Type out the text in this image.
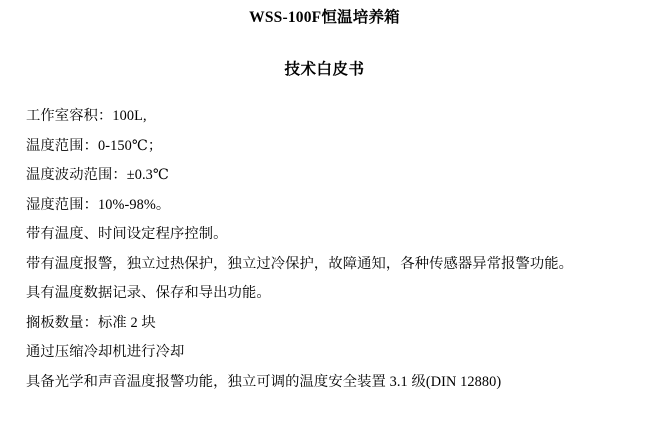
WSS-100F恒温培养箱
技术白皮书
工作室容积：100L,
温度范围：0-150℃；
温度波动范围：±0.3℃
湿度范围：10%-98%。
带有温度、时间设定程序控制。
带有温度报警，独立过热保护，独立过冷保护，故障通知，各种传感器异常报警功能。
具有温度数据记录、保存和导出功能。
搁板数量：标准 2 块
通过压缩冷却机进行冷却
具备光学和声音温度报警功能，独立可调的温度安全装置 3.1 级(DIN 12880)
